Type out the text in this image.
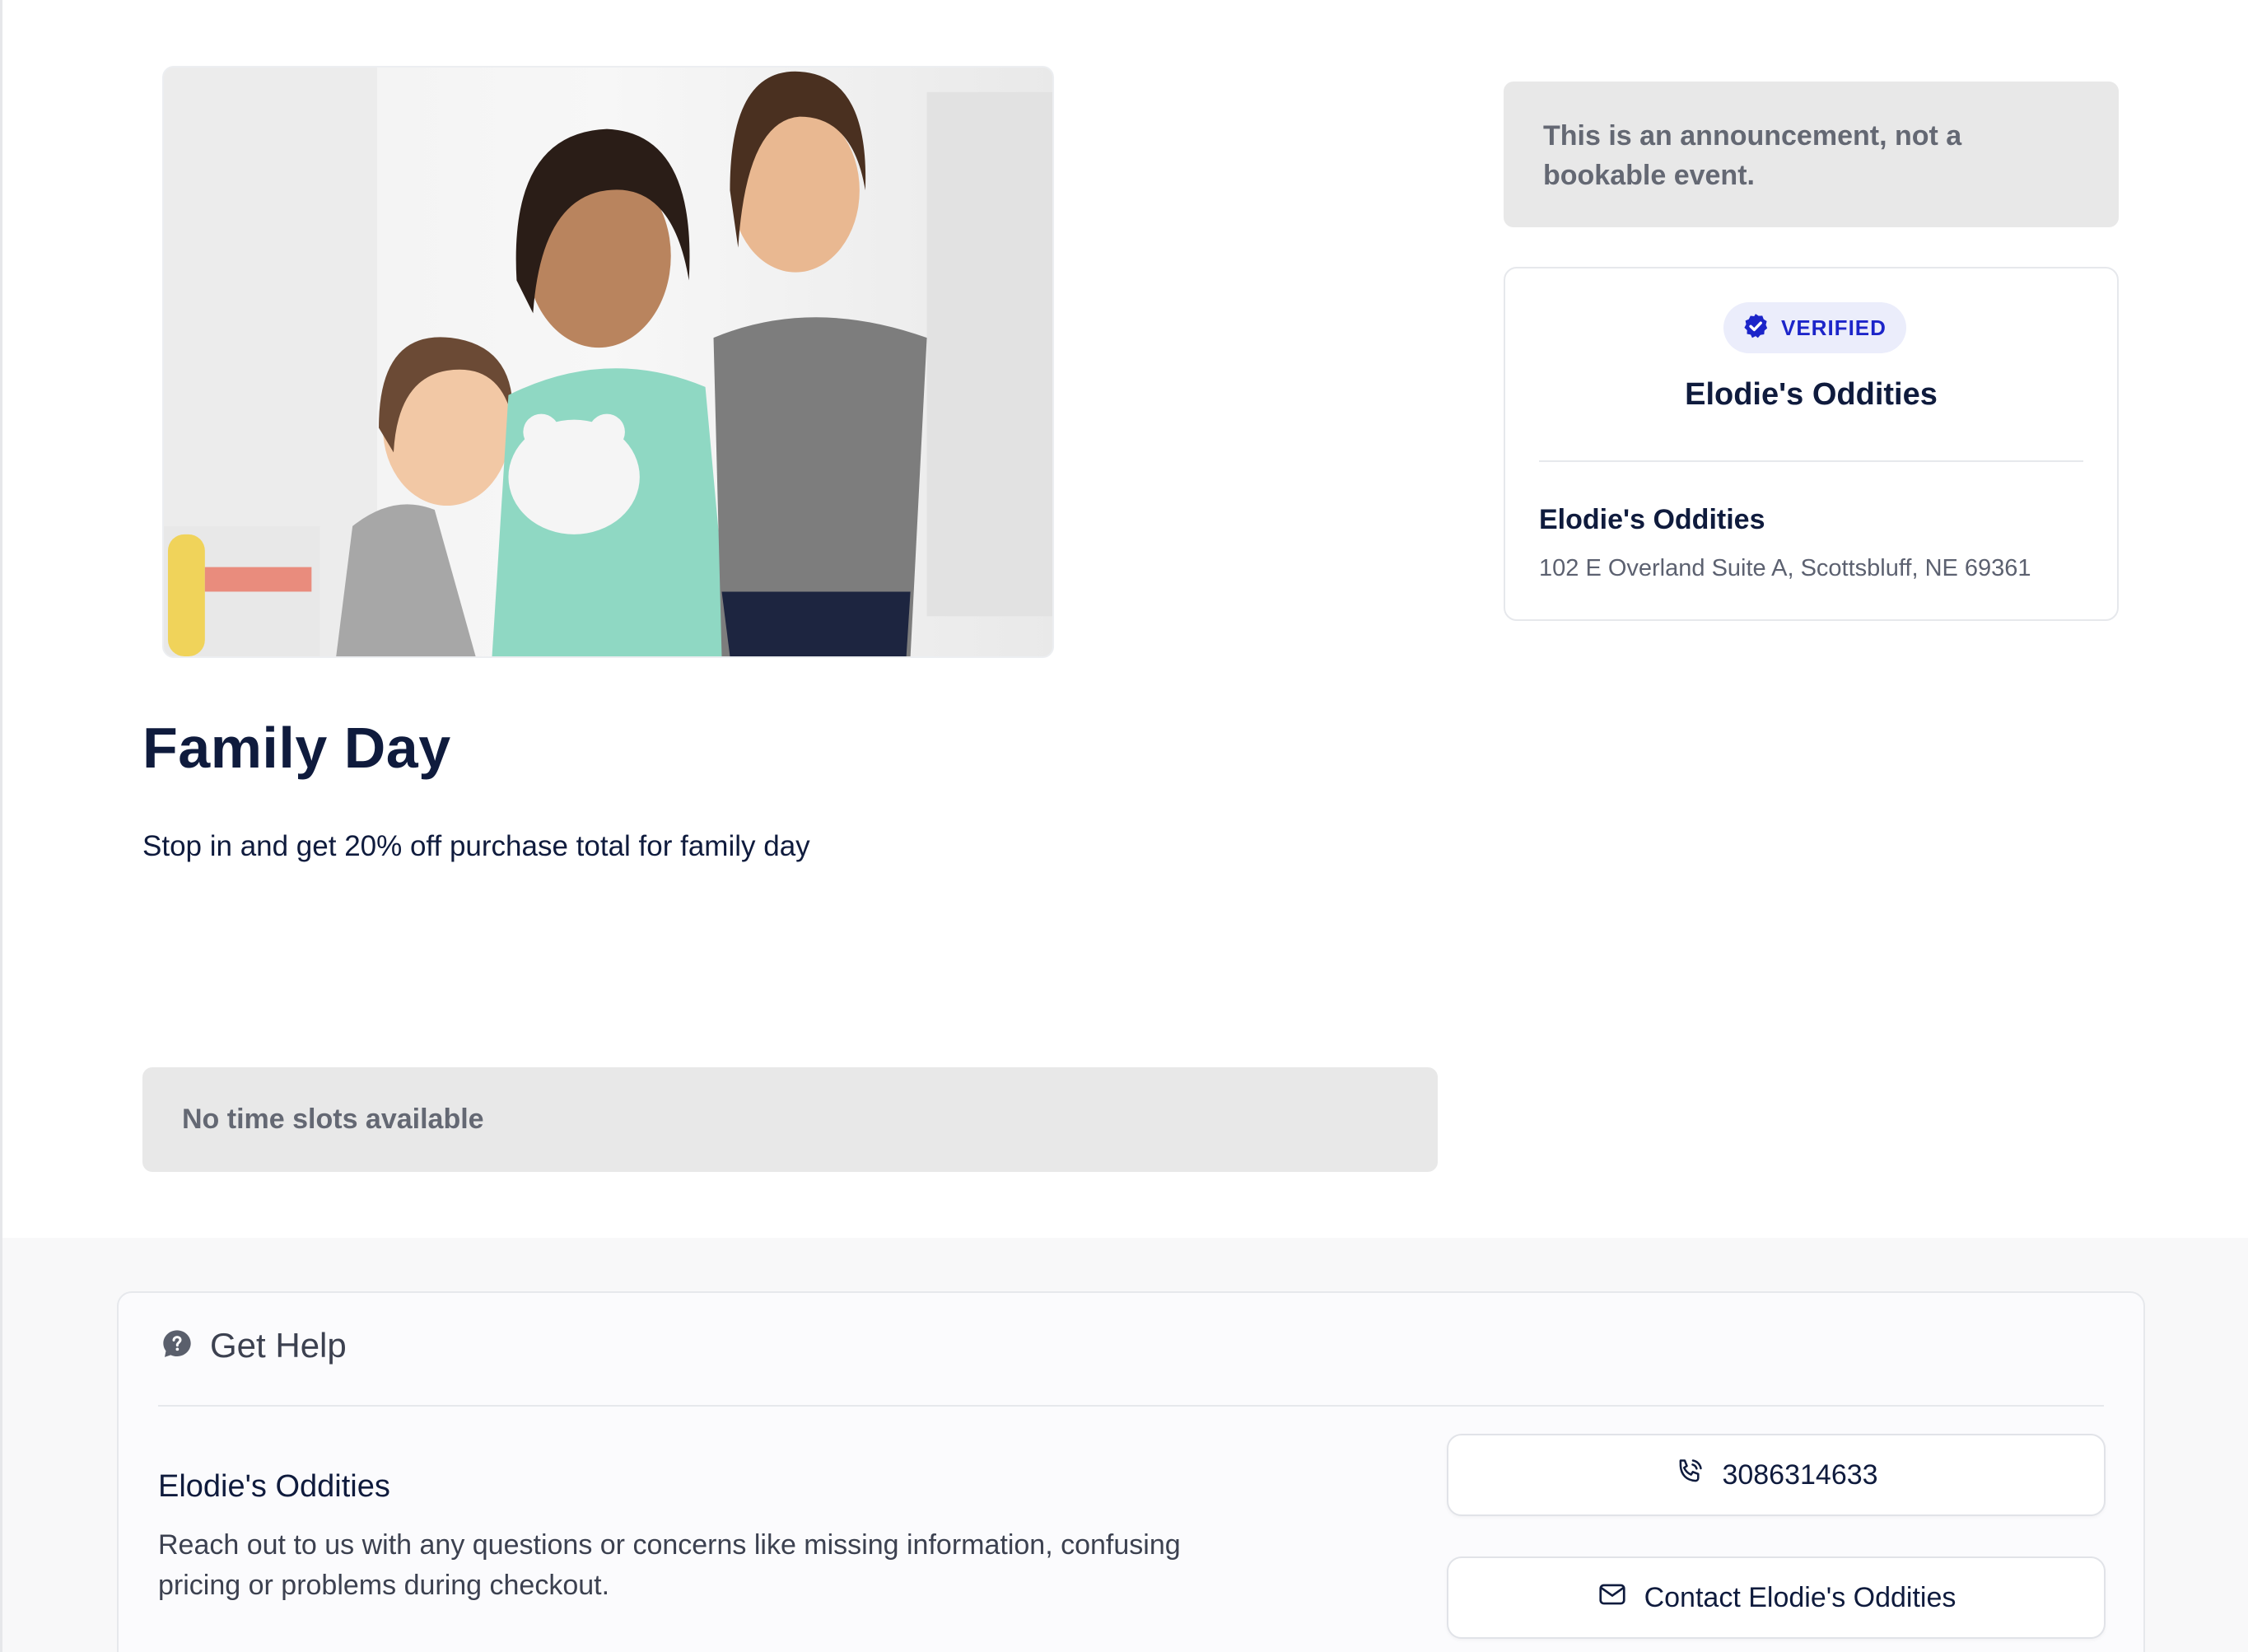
Family Day

Stop in and get 20% off purchase total for family day

No time slots available
This is an announcement, not a bookable event.
VERIFIED
Elodie's Oddities
Elodie's Oddities
102 E Overland Suite A, Scottsbluff, NE 69361
Get Help
Elodie's Oddities
Reach out to us with any questions or concerns like missing information, confusing pricing or problems during checkout.
3086314633
Contact Elodie's Oddities
